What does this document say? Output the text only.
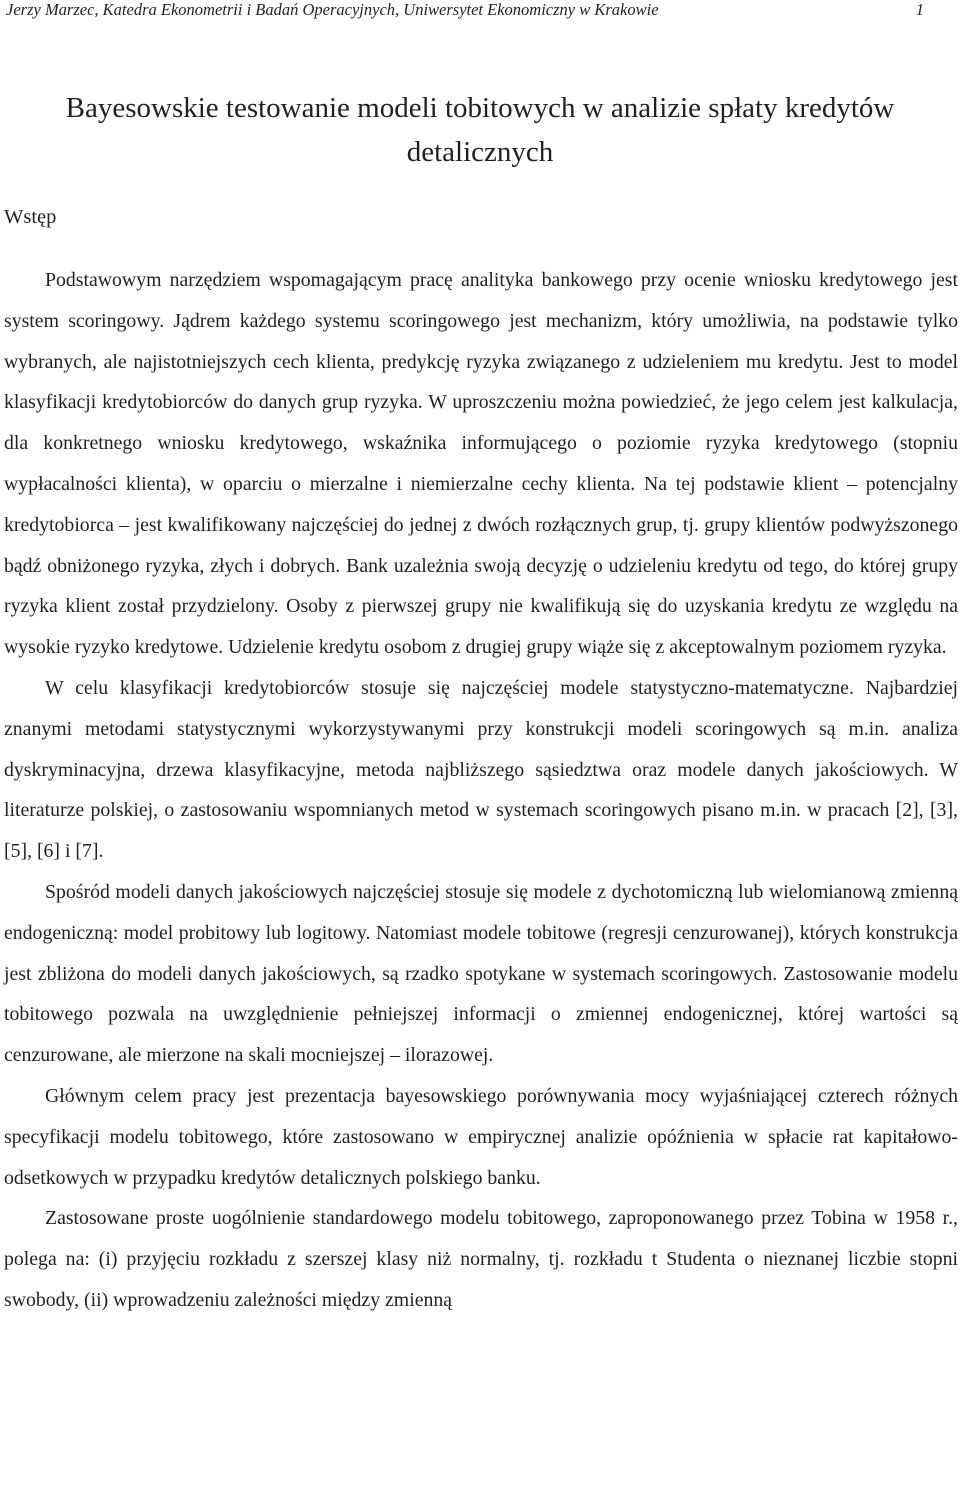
Jerzy Marzec, Katedra Ekonometrii i Badań Operacyjnych, Uniwersytet Ekonomiczny w Krakowie	1
Bayesowskie testowanie modeli tobitowych w analizie spłaty kredytów
detalicznych
Wstęp

Podstawowym narzędziem wspomagającym pracę analityka bankowego przy ocenie wniosku kredytowego jest system scoringowy. Jądrem każdego systemu scoringowego jest mechanizm, który umożliwia, na podstawie tylko wybranych, ale najistotniejszych cech klienta, predykcję ryzyka związanego z udzieleniem mu kredytu. Jest to model klasyfikacji kredytobiorców do danych grup ryzyka. W uproszczeniu można powiedzieć, że jego celem jest kalkulacja, dla konkretnego wniosku kredytowego, wskaźnika informującego o poziomie ryzyka kredytowego (stopniu wypłacalności klienta), w oparciu o mierzalne i niemierzalne cechy klienta. Na tej podstawie klient – potencjalny kredytobiorca – jest kwalifikowany najczęściej do jednej z dwóch rozłącznych grup, tj. grupy klientów podwyższonego bądź obniżonego ryzyka, złych i dobrych. Bank uzależnia swoją decyzję o udzieleniu kredytu od tego, do której grupy ryzyka klient został przydzielony. Osoby z pierwszej grupy nie kwalifikują się do uzyskania kredytu ze względu na wysokie ryzyko kredytowe. Udzielenie kredytu osobom z drugiej grupy wiąże się z akceptowalnym poziomem ryzyka.

W celu klasyfikacji kredytobiorców stosuje się najczęściej modele statystyczno-matematyczne. Najbardziej znanymi metodami statystycznymi wykorzystywanymi przy konstrukcji modeli scoringowych są m.in. analiza dyskryminacyjna, drzewa klasyfikacyjne, metoda najbliższego sąsiedztwa oraz modele danych jakościowych. W literaturze polskiej, o zastosowaniu wspomnianych metod w systemach scoringowych pisano m.in. w pracach [2], [3], [5], [6] i [7].

Spośród modeli danych jakościowych najczęściej stosuje się modele z dychotomiczną lub wielomianową zmienną endogeniczną: model probitowy lub logitowy. Natomiast modele tobitowe (regresji cenzurowanej), których konstrukcja jest zbliżona do modeli danych jakościowych, są rzadko spotykane w systemach scoringowych. Zastosowanie modelu tobitowego pozwala na uwzględnienie pełniejszej informacji o zmiennej endogenicznej, której wartości są cenzurowane, ale mierzone na skali mocniejszej – ilorazowej.

Głównym celem pracy jest prezentacja bayesowskiego porównywania mocy wyjaśniającej czterech różnych specyfikacji modelu tobitowego, które zastosowano w empirycznej analizie opóźnienia w spłacie rat kapitałowo-odsetkowych w przypadku kredytów detalicznych polskiego banku.

Zastosowane proste uogólnienie standardowego modelu tobitowego, zaproponowanego przez Tobina w 1958 r., polega na: (i) przyjęciu rozkładu z szerszej klasy niż normalny, tj. rozkładu t Studenta o nieznanej liczbie stopni swobody, (ii) wprowadzeniu zależności między zmienną
